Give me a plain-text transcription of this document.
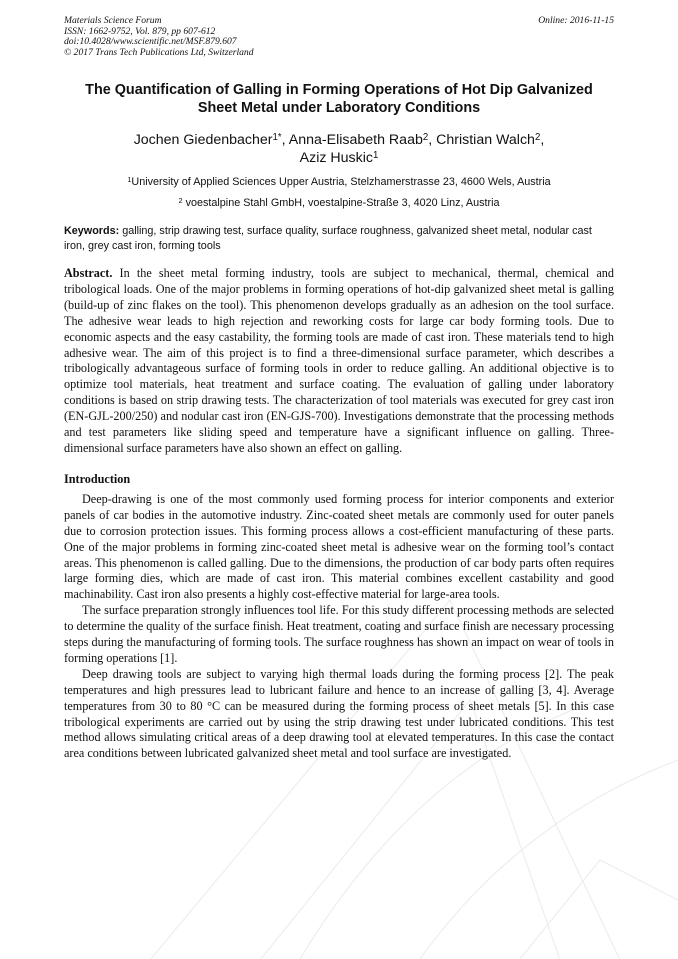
Materials Science Forum
ISSN: 1662-9752, Vol. 879, pp 607-612
doi:10.4028/www.scientific.net/MSF.879.607
© 2017 Trans Tech Publications Ltd, Switzerland
Online: 2016-11-15
The Quantification of Galling in Forming Operations of Hot Dip Galvanized Sheet Metal under Laboratory Conditions
Jochen Giedenbacher$^{1*}$, Anna-Elisabeth Raab$^2$, Christian Walch$^2$,
Aziz Huskic$^1$
$^1$University of Applied Sciences Upper Austria, Stelzhamerstrasse 23, 4600 Wels, Austria
$^2$ voestalpine Stahl GmbH, voestalpine-Straße 3, 4020 Linz, Austria
Keywords: galling, strip drawing test, surface quality, surface roughness, galvanized sheet metal, nodular cast iron, grey cast iron, forming tools

Abstract. In the sheet metal forming industry, tools are subject to mechanical, thermal, chemical and tribological loads. One of the major problems in forming operations of hot-dip galvanized sheet metal is galling (build-up of zinc flakes on the tool). This phenomenon develops gradually as an adhesion on the tool surface. The adhesive wear leads to high rejection and reworking costs for large car body forming tools. Due to economic aspects and the easy castability, the forming tools are made of cast iron. These materials tend to high adhesive wear. The aim of this project is to find a three-dimensional surface parameter, which describes a tribologically advantageous surface of forming tools in order to reduce galling. An additional objective is to optimize tool materials, heat treatment and surface coating. The evaluation of galling under laboratory conditions is based on strip drawing tests. The characterization of tool materials was executed for grey cast iron (EN-GJL-200/250) and nodular cast iron (EN-GJS-700). Investigations demonstrate that the processing methods and test parameters like sliding speed and temperature have a significant influence on galling. Three-dimensional surface parameters have also shown an effect on galling.

Introduction

Deep-drawing is one of the most commonly used forming process for interior components and exterior panels of car bodies in the automotive industry. Zinc-coated sheet metals are commonly used for outer panels due to corrosion protection issues. This forming process allows a cost-efficient manufacturing of these parts. One of the major problems in forming zinc-coated sheet metal is adhesive wear on the forming tool’s contact areas. This phenomenon is called galling. Due to the dimensions, the production of car body parts often requires large forming dies, which are made of cast iron. This material combines excellent castability and good machinability. Cast iron also presents a highly cost-effective material for large-area tools.

The surface preparation strongly influences tool life. For this study different processing methods are selected to determine the quality of the surface finish. Heat treatment, coating and surface finish are necessary processing steps during the manufacturing of forming tools. The surface roughness has shown an impact on wear of tools in forming operations [1].

Deep drawing tools are subject to varying high thermal loads during the forming process [2]. The peak temperatures and high pressures lead to lubricant failure and hence to an increase of galling [3, 4]. Average temperatures from 30 to 80 °C can be measured during the forming process of sheet metals [5]. In this case tribological experiments are carried out by using the strip drawing test under lubricated conditions. This test method allows simulating critical areas of a deep drawing tool at elevated temperatures. In this case the contact area conditions between lubricated galvanized sheet metal and tool surface are investigated.
